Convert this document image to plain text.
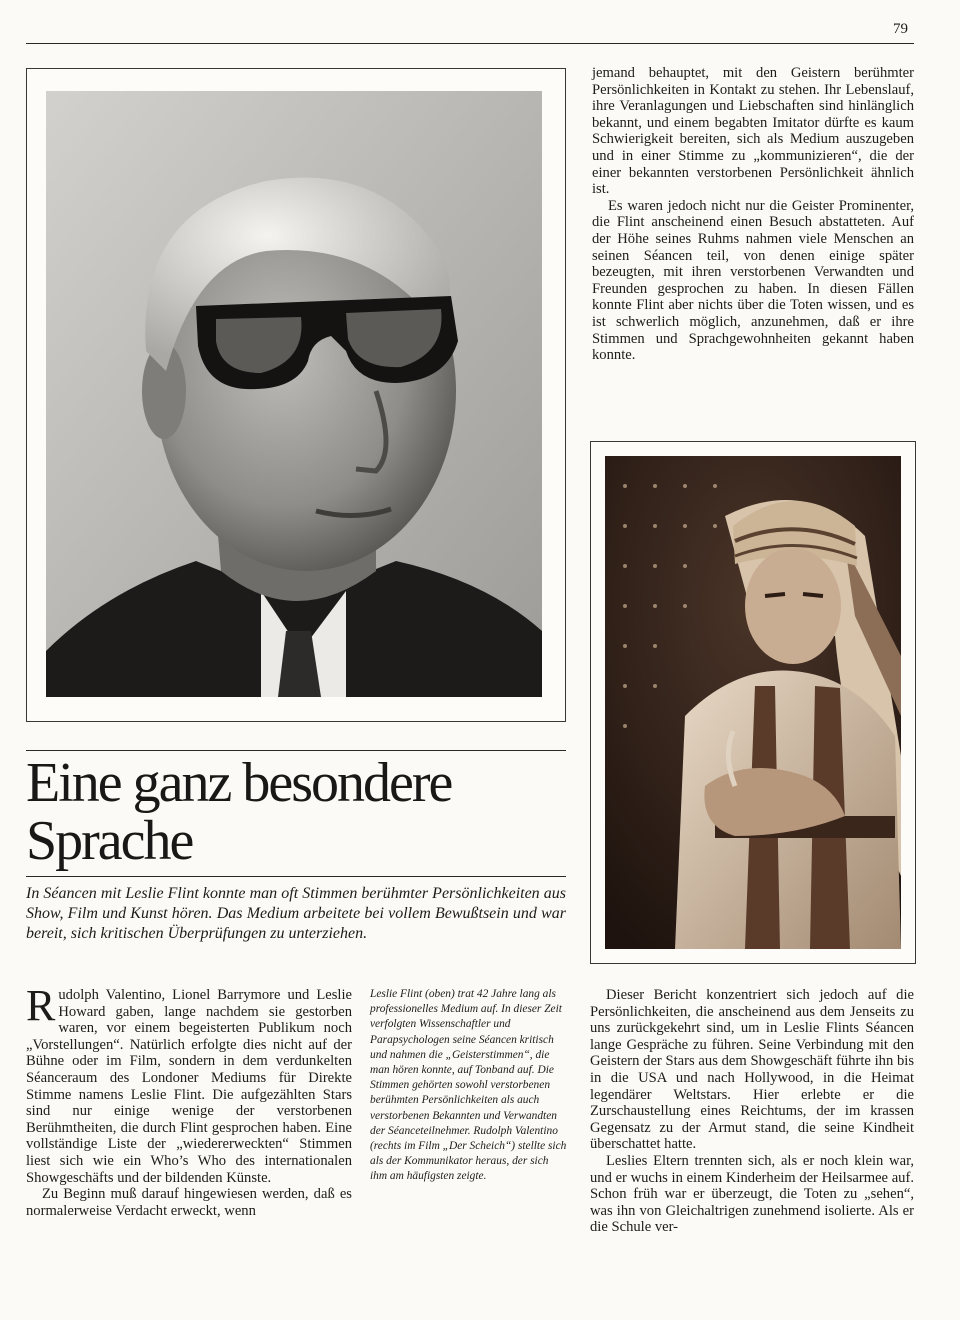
79

jemand behauptet, mit den Geistern berühmter Persönlichkeiten in Kontakt zu stehen. Ihr Lebenslauf, ihre Veranlagungen und Liebschaften sind hinlänglich bekannt, und einem begabten Imitator dürfte es kaum Schwierigkeit bereiten, sich als Medium auszugeben und in einer Stimme zu „kommunizieren“, die der einer bekannten verstorbenen Persönlichkeit ähnlich ist.

Es waren jedoch nicht nur die Geister Prominenter, die Flint anscheinend einen Besuch abstatteten. Auf der Höhe seines Ruhms nahmen viele Menschen an seinen Séancen teil, von denen einige später bezeugten, mit ihren verstorbenen Verwandten und Freunden gesprochen zu haben. In diesen Fällen konnte Flint aber nichts über die Toten wissen, und es ist schwerlich möglich, anzunehmen, daß er ihre Stimmen und Sprachgewohnheiten gekannt haben konnte.

Eine ganz besondere
Sprache

In Séancen mit Leslie Flint konnte man oft Stimmen berühmter Persönlichkeiten aus Show, Film und Kunst hören. Das Medium arbeitete bei vollem Bewußtsein und war bereit, sich kritischen Überprüfungen zu unterziehen.

Rudolph Valentino, Lionel Barrymore und Leslie Howard gaben, lange nachdem sie gestorben waren, vor einem begeisterten Publikum noch „Vorstellungen“. Natürlich erfolgte dies nicht auf der Bühne oder im Film, sondern in dem verdunkelten Séanceraum des Londoner Mediums für Direkte Stimme namens Leslie Flint. Die aufgezählten Stars sind nur einige wenige der verstorbenen Berühmtheiten, die durch Flint gesprochen haben. Eine vollständige Liste der „wiedererweckten“ Stimmen liest sich wie ein Who’s Who des internationalen Showgeschäfts und der bildenden Künste.

Zu Beginn muß darauf hingewiesen werden, daß es normalerweise Verdacht erweckt, wenn

Leslie Flint (oben) trat 42 Jahre lang als professionelles Medium auf. In dieser Zeit verfolgten Wissenschaftler und Parapsychologen seine Séancen kritisch und nahmen die „Geisterstimmen“, die man hören konnte, auf Tonband auf. Die Stimmen gehörten sowohl verstorbenen berühmten Persönlichkeiten als auch verstorbenen Bekannten und Verwandten der Séanceteilnehmer. Rudolph Valentino (rechts im Film „Der Scheich“) stellte sich als der Kommunikator heraus, der sich ihm am häufigsten zeigte.

Dieser Bericht konzentriert sich jedoch auf die Persönlichkeiten, die anscheinend aus dem Jenseits zu uns zurückgekehrt sind, um in Leslie Flints Séancen lange Gespräche zu führen. Seine Verbindung mit den Geistern der Stars aus dem Showgeschäft führte ihn bis in die USA und nach Hollywood, in die Heimat legendärer Weltstars. Hier erlebte er die Zurschaustellung eines Reichtums, der im krassen Gegensatz zu der Armut stand, die seine Kindheit überschattet hatte.

Leslies Eltern trennten sich, als er noch klein war, und er wuchs in einem Kinderheim der Heilsarmee auf. Schon früh war er überzeugt, die Toten zu „sehen“, was ihn von Gleichaltrigen zunehmend isolierte. Als er die Schule ver-
